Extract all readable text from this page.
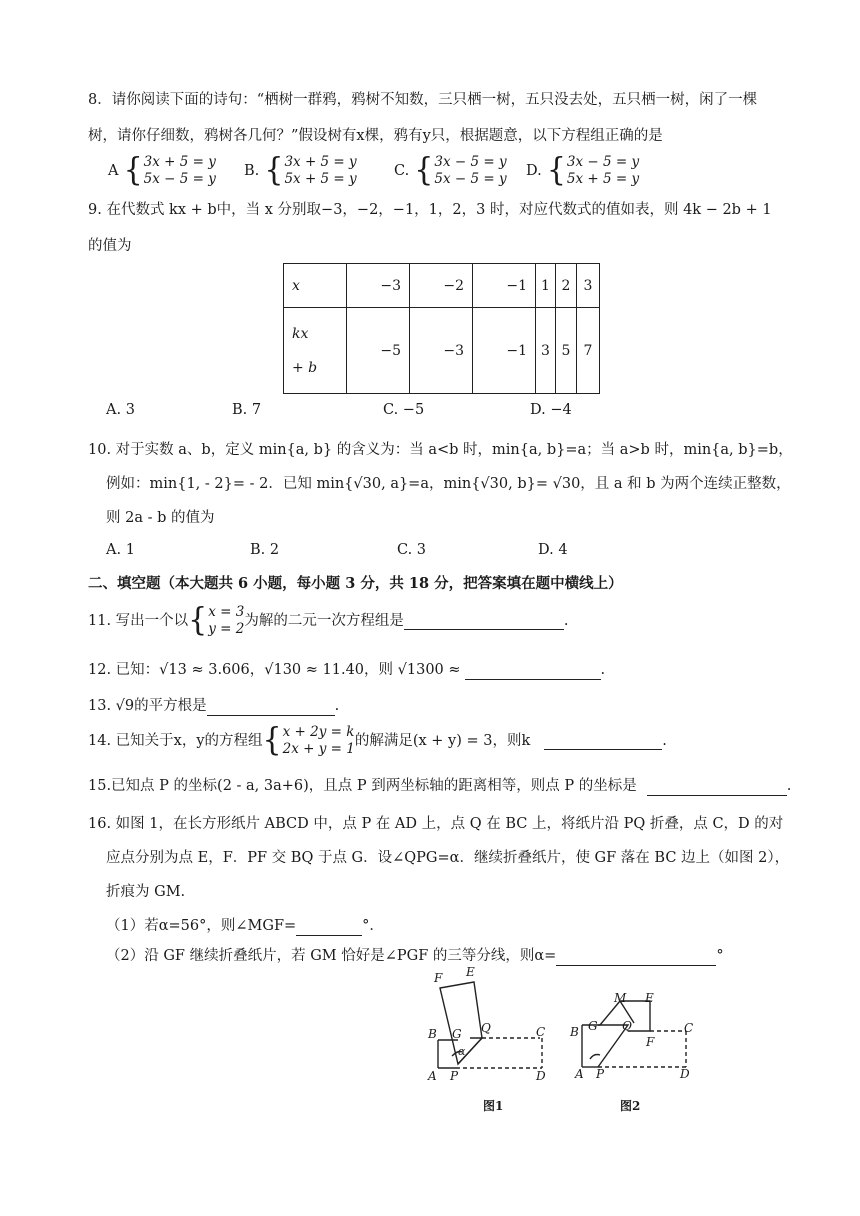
8．请你阅读下面的诗句：“栖树一群鸦，鸦树不知数，三只栖一树，五只没去处，五只栖一树，闲了一棵
树，请你仔细数，鸦树各几何？”假设树有x棵，鸦有y只，根据题意，以下方程组正确的是
A { 3x + 5 = y
5x − 5 = y B. { 3x + 5 = y
5x + 5 = y	C. { 3x − 5 = y
5x − 5 = y D. { 3x − 5 = y
5x + 5 = y
9. 在代数式 kx + b中，当 x 分别取−3，−2，−1，1，2，3 时，对应代数式的值如表，则 4k − 2b + 1
的值为
x	−3	−2	−1	1	2	3

kx
+ b	−5	−3	−1	3	5	7
A. 3	B. 7	C. −5	D. −4
10. 对于实数 a、b，定义 min{a, b} 的含义为：当 a<b 时，min{a, b}=a；当 a>b 时，min{a, b}=b，
例如：min{1, - 2}= - 2．已知 min{√30, a}=a，min{√30, b}= √30，且 a 和 b 为两个连续正整数，
则 2a - b 的值为
A. 1	B. 2	C. 3	D. 4
二、填空题（本大题共 6 小题，每小题 3 分，共 18 分，把答案填在题中横线上）
11. 写出一个以 { x = 3
y = 2 为解的二元一次方程组是	.
12. 已知：√13 ≈ 3.606，√130 ≈ 11.40，则 √1300 ≈	.
13. √9的平方根是	.
14. 已知关于x，y的方程组 { x + 2y = k
2x + y = 1 的解满足(x + y) = 3，则k	.
15.已知点 P 的坐标(2 - a, 3a+6)，且点 P 到两坐标轴的距离相等，则点 P 的坐标是	.
16. 如图 1，在长方形纸片 ABCD 中，点 P 在 AD 上，点 Q 在 BC 上，将纸片沿 PQ 折叠，点 C，D 的对
应点分别为点 E，F．PF 交 BQ 于点 G．设∠QPG=α．继续折叠纸片，使 GF 落在 BC 边上（如图 2），
折痕为 GM.
（1）若α=56°，则∠MGF=	°．
（2）沿 GF 继续折叠纸片，若 GM 恰好是∠PGF 的三等分线，则α=	°
F E
B G Q	C
α
A P	D
图1
M E
B G Q	C
F
A P	D
图2
